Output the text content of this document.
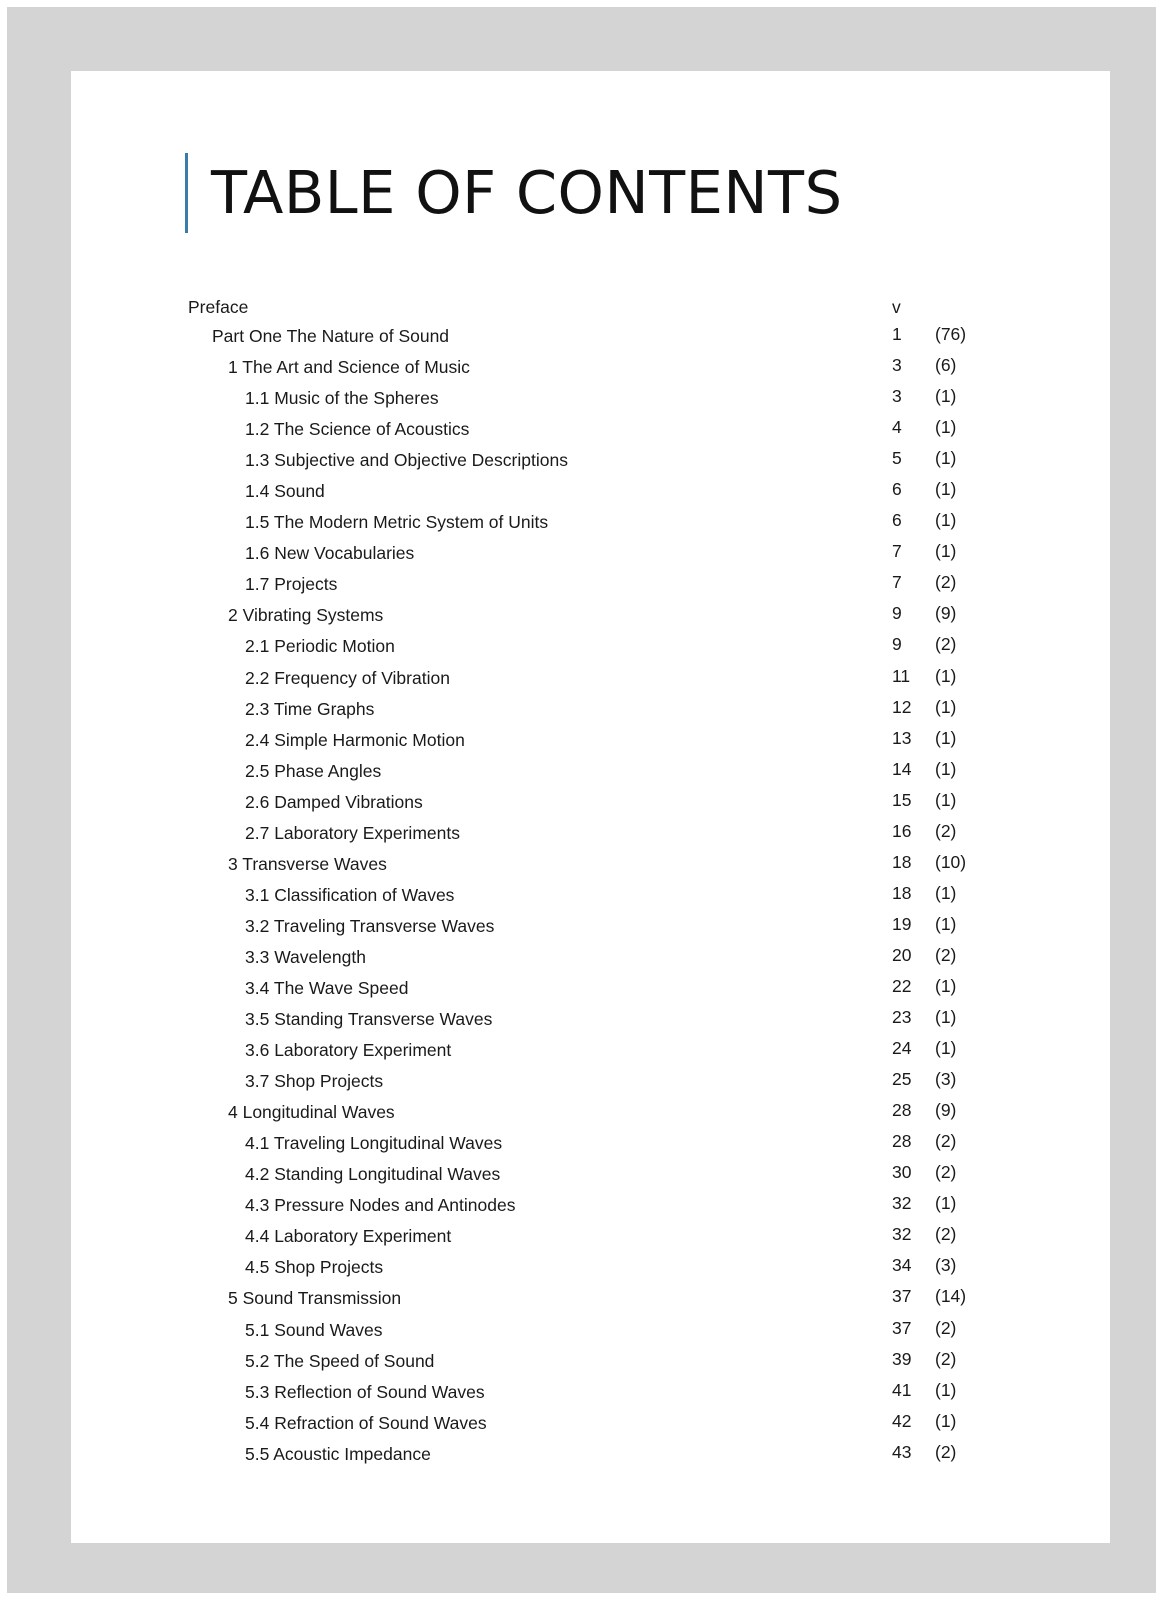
TABLE OF CONTENTS
Preface	v
Part One The Nature of Sound	1 (76)
1 The Art and Science of Music	3 (6)
1.1 Music of the Spheres	3 (1)
1.2 The Science of Acoustics	4 (1)
1.3 Subjective and Objective Descriptions	5 (1)
1.4 Sound	6 (1)
1.5 The Modern Metric System of Units	6 (1)
1.6 New Vocabularies	7 (1)
1.7 Projects	7 (2)
2 Vibrating Systems	9 (9)
2.1 Periodic Motion	9 (2)
2.2 Frequency of Vibration	11 (1)
2.3 Time Graphs	12 (1)
2.4 Simple Harmonic Motion	13 (1)
2.5 Phase Angles	14 (1)
2.6 Damped Vibrations	15 (1)
2.7 Laboratory Experiments	16 (2)
3 Transverse Waves	18 (10)
3.1 Classification of Waves	18 (1)
3.2 Traveling Transverse Waves	19 (1)
3.3 Wavelength	20 (2)
3.4 The Wave Speed	22 (1)
3.5 Standing Transverse Waves	23 (1)
3.6 Laboratory Experiment	24 (1)
3.7 Shop Projects	25 (3)
4 Longitudinal Waves	28 (9)
4.1 Traveling Longitudinal Waves	28 (2)
4.2 Standing Longitudinal Waves	30 (2)
4.3 Pressure Nodes and Antinodes	32 (1)
4.4 Laboratory Experiment	32 (2)
4.5 Shop Projects	34 (3)
5 Sound Transmission	37 (14)
5.1 Sound Waves	37 (2)
5.2 The Speed of Sound	39 (2)
5.3 Reflection of Sound Waves	41 (1)
5.4 Refraction of Sound Waves	42 (1)
5.5 Acoustic Impedance	43 (2)
